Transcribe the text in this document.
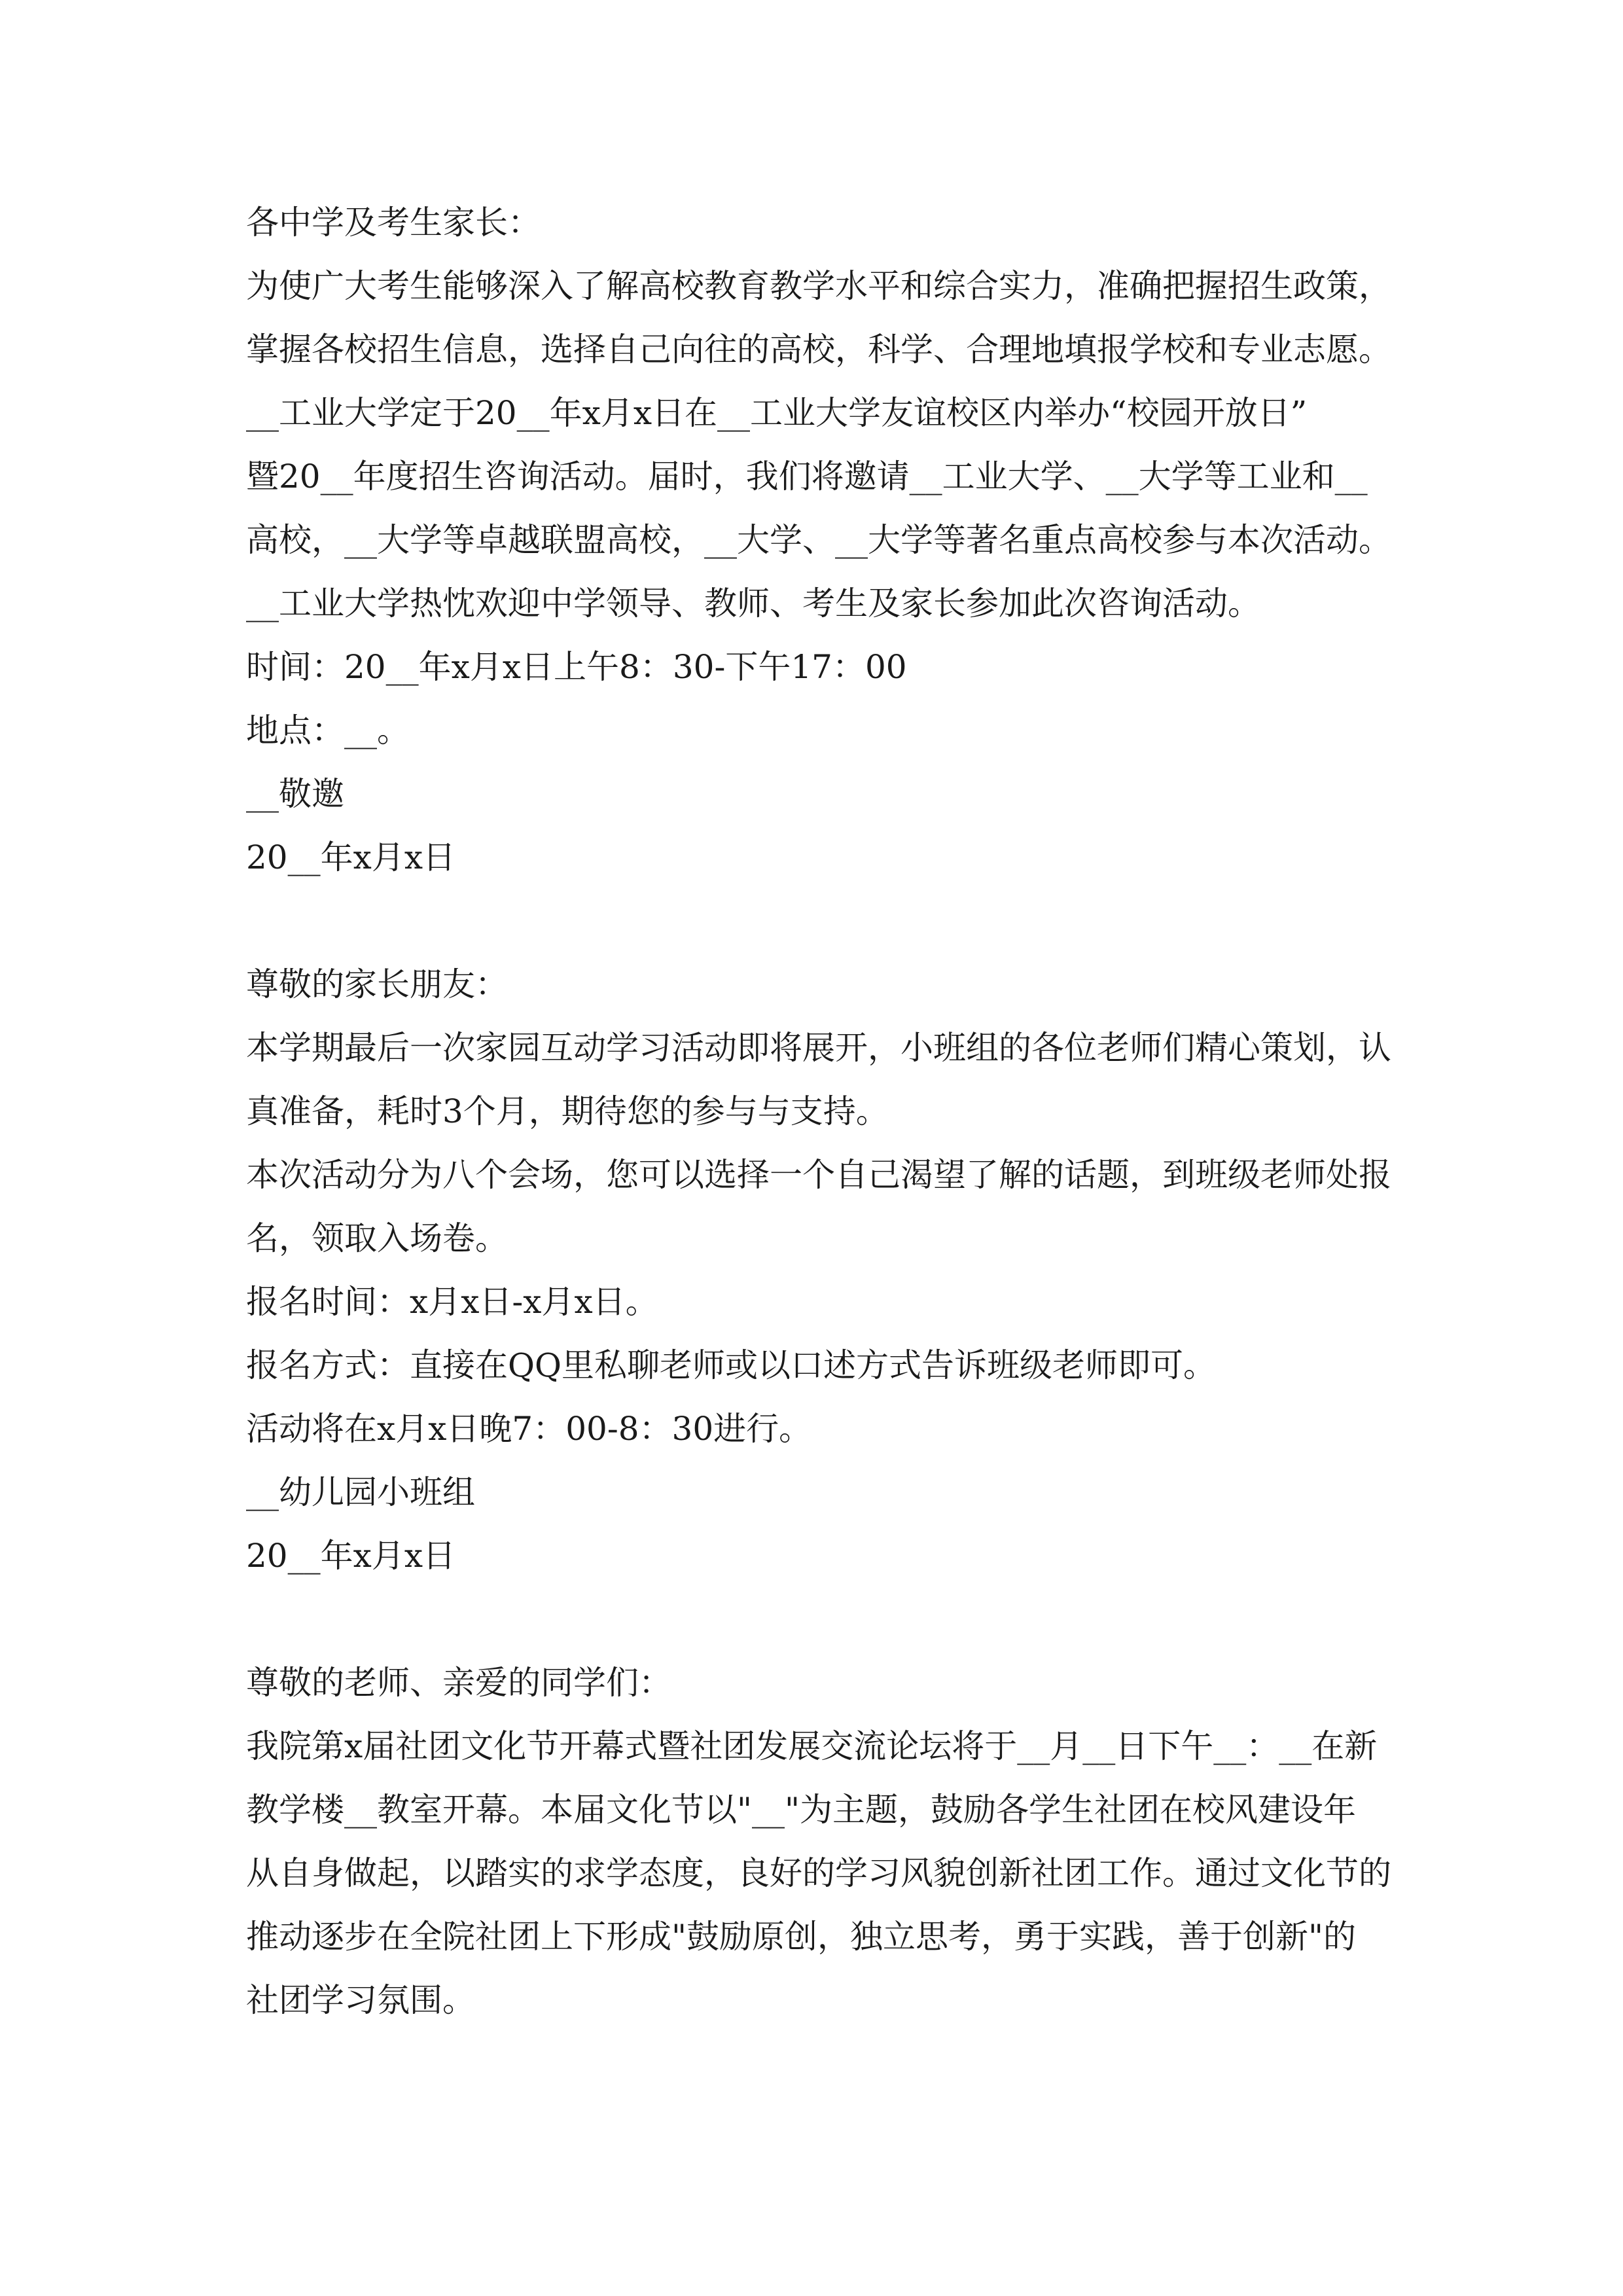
各中学及考生家长：
为使广大考生能够深入了解高校教育教学水平和综合实力，准确把握招生政策，
掌握各校招生信息，选择自己向往的高校，科学、合理地填报学校和专业志愿。
__工业大学定于20__年x月x日在__工业大学友谊校区内举办“校园开放日”
暨20__年度招生咨询活动。届时，我们将邀请__工业大学、__大学等工业和__
高校，__大学等卓越联盟高校，__大学、__大学等著名重点高校参与本次活动。
__工业大学热忱欢迎中学领导、教师、考生及家长参加此次咨询活动。
时间：20__年x月x日上午8：30-下午17：00
地点：__。
__敬邀
20__年x月x日
尊敬的家长朋友：
本学期最后一次家园互动学习活动即将展开，小班组的各位老师们精心策划，认
真准备，耗时3个月，期待您的参与与支持。
本次活动分为八个会场，您可以选择一个自己渴望了解的话题，到班级老师处报
名，领取入场卷。
报名时间：x月x日-x月x日。
报名方式：直接在QQ里私聊老师或以口述方式告诉班级老师即可。
活动将在x月x日晚7：00-8：30进行。
__幼儿园小班组
20__年x月x日
尊敬的老师、亲爱的同学们：
我院第x届社团文化节开幕式暨社团发展交流论坛将于__月__日下午__：__在新
教学楼__教室开幕。本届文化节以"__"为主题，鼓励各学生社团在校风建设年
从自身做起，以踏实的求学态度，良好的学习风貌创新社团工作。通过文化节的
推动逐步在全院社团上下形成"鼓励原创，独立思考，勇于实践，善于创新"的
社团学习氛围。
